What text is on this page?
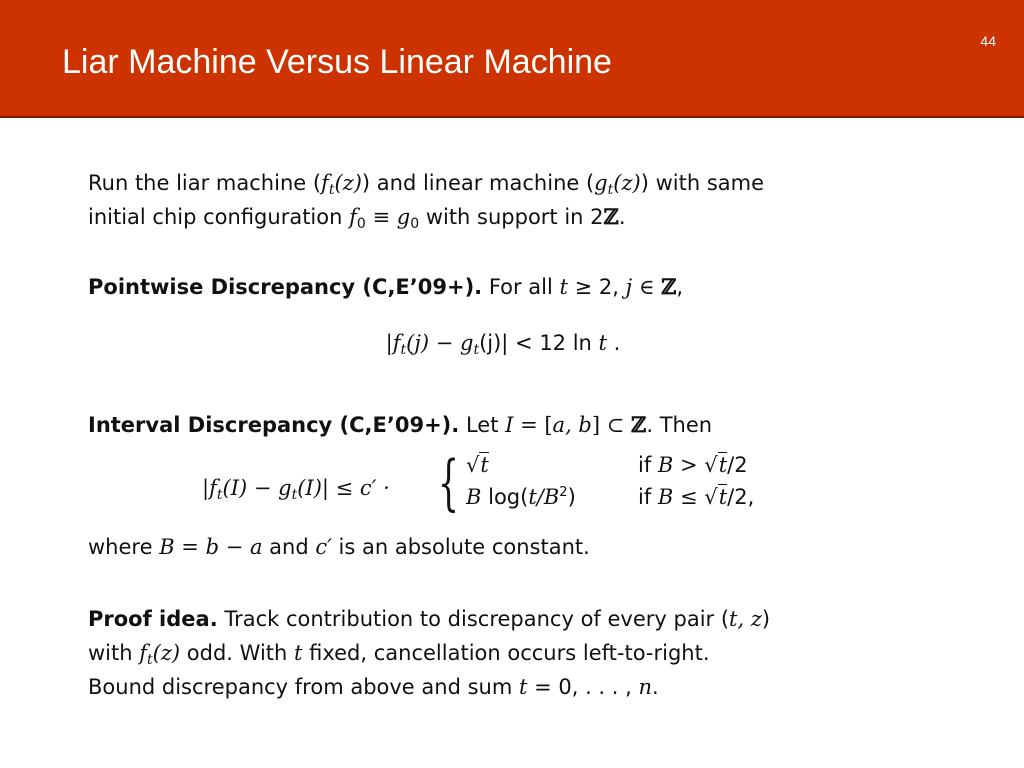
Liar Machine Versus Linear Machine
44

Run the liar machine $(f_t(z))$ and linear machine $(g_t(z))$ with same
initial chip configuration $f_0 \equiv g_0$ with support in 2ℤ.

Pointwise Discrepancy (C,E’09+). For all t ≥ 2, j ∈ ℤ,

$|f_t(j) - g_t(j)| < 12$ ln t .

Interval Discrepancy (C,E’09+). Let I = [a, b] ⊂ ℤ. Then

$|f_t(I) - g_t(I)| \le c'$ · { √t	if B > √t/2
B $\log(t/B^2)$	if B ≤ √t/2,

where B = b − a and c′ is an absolute constant.

Proof idea. Track contribution to discrepancy of every pair (t, z)
with $f_t(z)$ odd. With t fixed, cancellation occurs left-to-right.
Bound discrepancy from above and sum t = 0, . . . , n.
